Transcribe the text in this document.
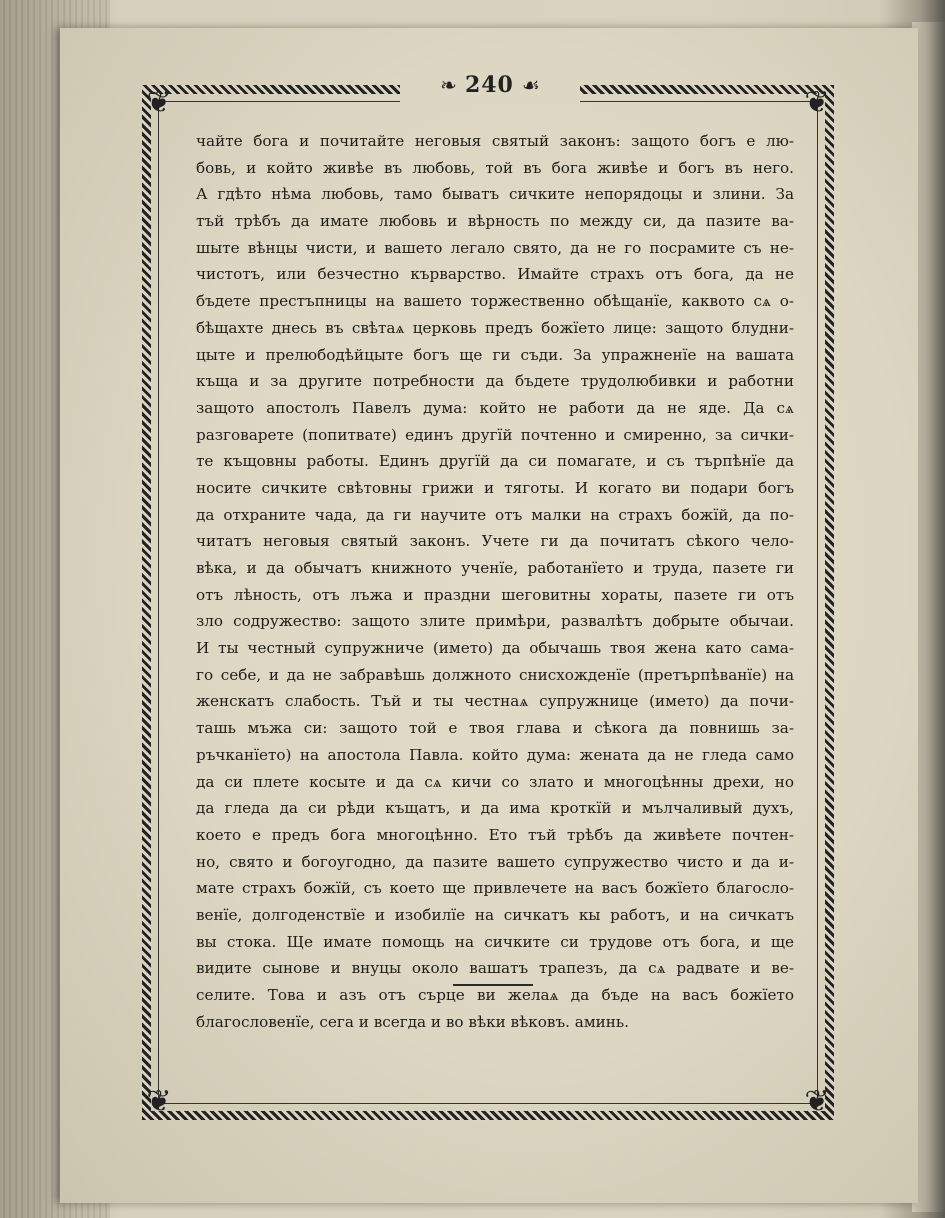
❦	❦
❦	❦
❧ 240 ☙
чайте бога и почитайте неговыя святый законъ: защото богъ е лю-
бовь, и който живѣе въ любовь, той въ бога живѣе и богъ въ него.
А гдѣто нѣма любовь, тамо быватъ сичките непорядоцы и злини. За
тъй трѣбъ да имате любовь и вѣрность по между си, да пазите ва-
шыте вѣнцы чисти, и вашето легало свято, да не го посрамите съ не-
чистотъ, или безчестно кърварство. Имайте страхъ отъ бога, да не
бъдете престъпницы на вашето торжественно обѣщанїе, каквото сѧ о-
бѣщахте днесь въ свѣтаѧ церковь предъ божїето лице: защото блудни-
цыте и прелюбодѣйцыте богъ ще ги съди. За упражненїе на вашата
къща и за другите потребности да бъдете трудолюбивки и работни
защото апостолъ Павелъ дума: който не работи да не яде. Да сѧ
разговарете (попитвате) единъ другїй почтенно и смиренно, за сички-
те къщовны работы. Единъ другїй да си помагате, и съ търпѣнїе да
носите сичките свѣтовны грижи и тяготы. И когато ви подари богъ
да отхраните чада, да ги научите отъ малки на страхъ божїй, да по-
читатъ неговыя святый законъ. Учете ги да почитатъ сѣкого чело-
вѣка, и да обычатъ книжното ученїе, работанїето и труда, пазете ги
отъ лѣность, отъ лъжа и праздни шеговитны хораты, пазете ги отъ
зло содружество: защото злите примѣри, развалѣтъ добрыте обычаи.
И ты честный супружниче (името) да обычашь твоя жена като сама-
го себе, и да не забравѣшь должното снисхожденїе (претърпѣванїе) на
женскатъ слабость. Тъй и ты честнаѧ супружнице (името) да почи-
ташь мъжа си: защото той е твоя глава и сѣкога да повнишь за-
ръчканїето) на апостола Павла. който дума: жената да не гледа само
да си плете косыте и да сѧ кичи со злато и многоцѣнны дрехи, но
да гледа да си рѣди къщатъ, и да има кроткїй и мълчаливый духъ,
което е предъ бога многоцѣнно. Ето тъй трѣбъ да живѣете почтен-
но, свято и богоугодно, да пазите вашето супружество чисто и да и-
мате страхъ божїй, съ което ще привлечете на васъ божїето благосло-
венїе, долгоденствїе и изобилїе на сичкатъ кы работъ, и на сичкатъ
вы стока. Ще имате помощь на сичките си трудове отъ бога, и ще
видите сынове и внуцы около вашатъ трапезъ, да сѧ радвате и ве-
селите. Това и азъ отъ сърце ви желаѧ да бъде на васъ божїето
благословенїе, сега и всегда и во вѣки вѣковъ. аминь.
